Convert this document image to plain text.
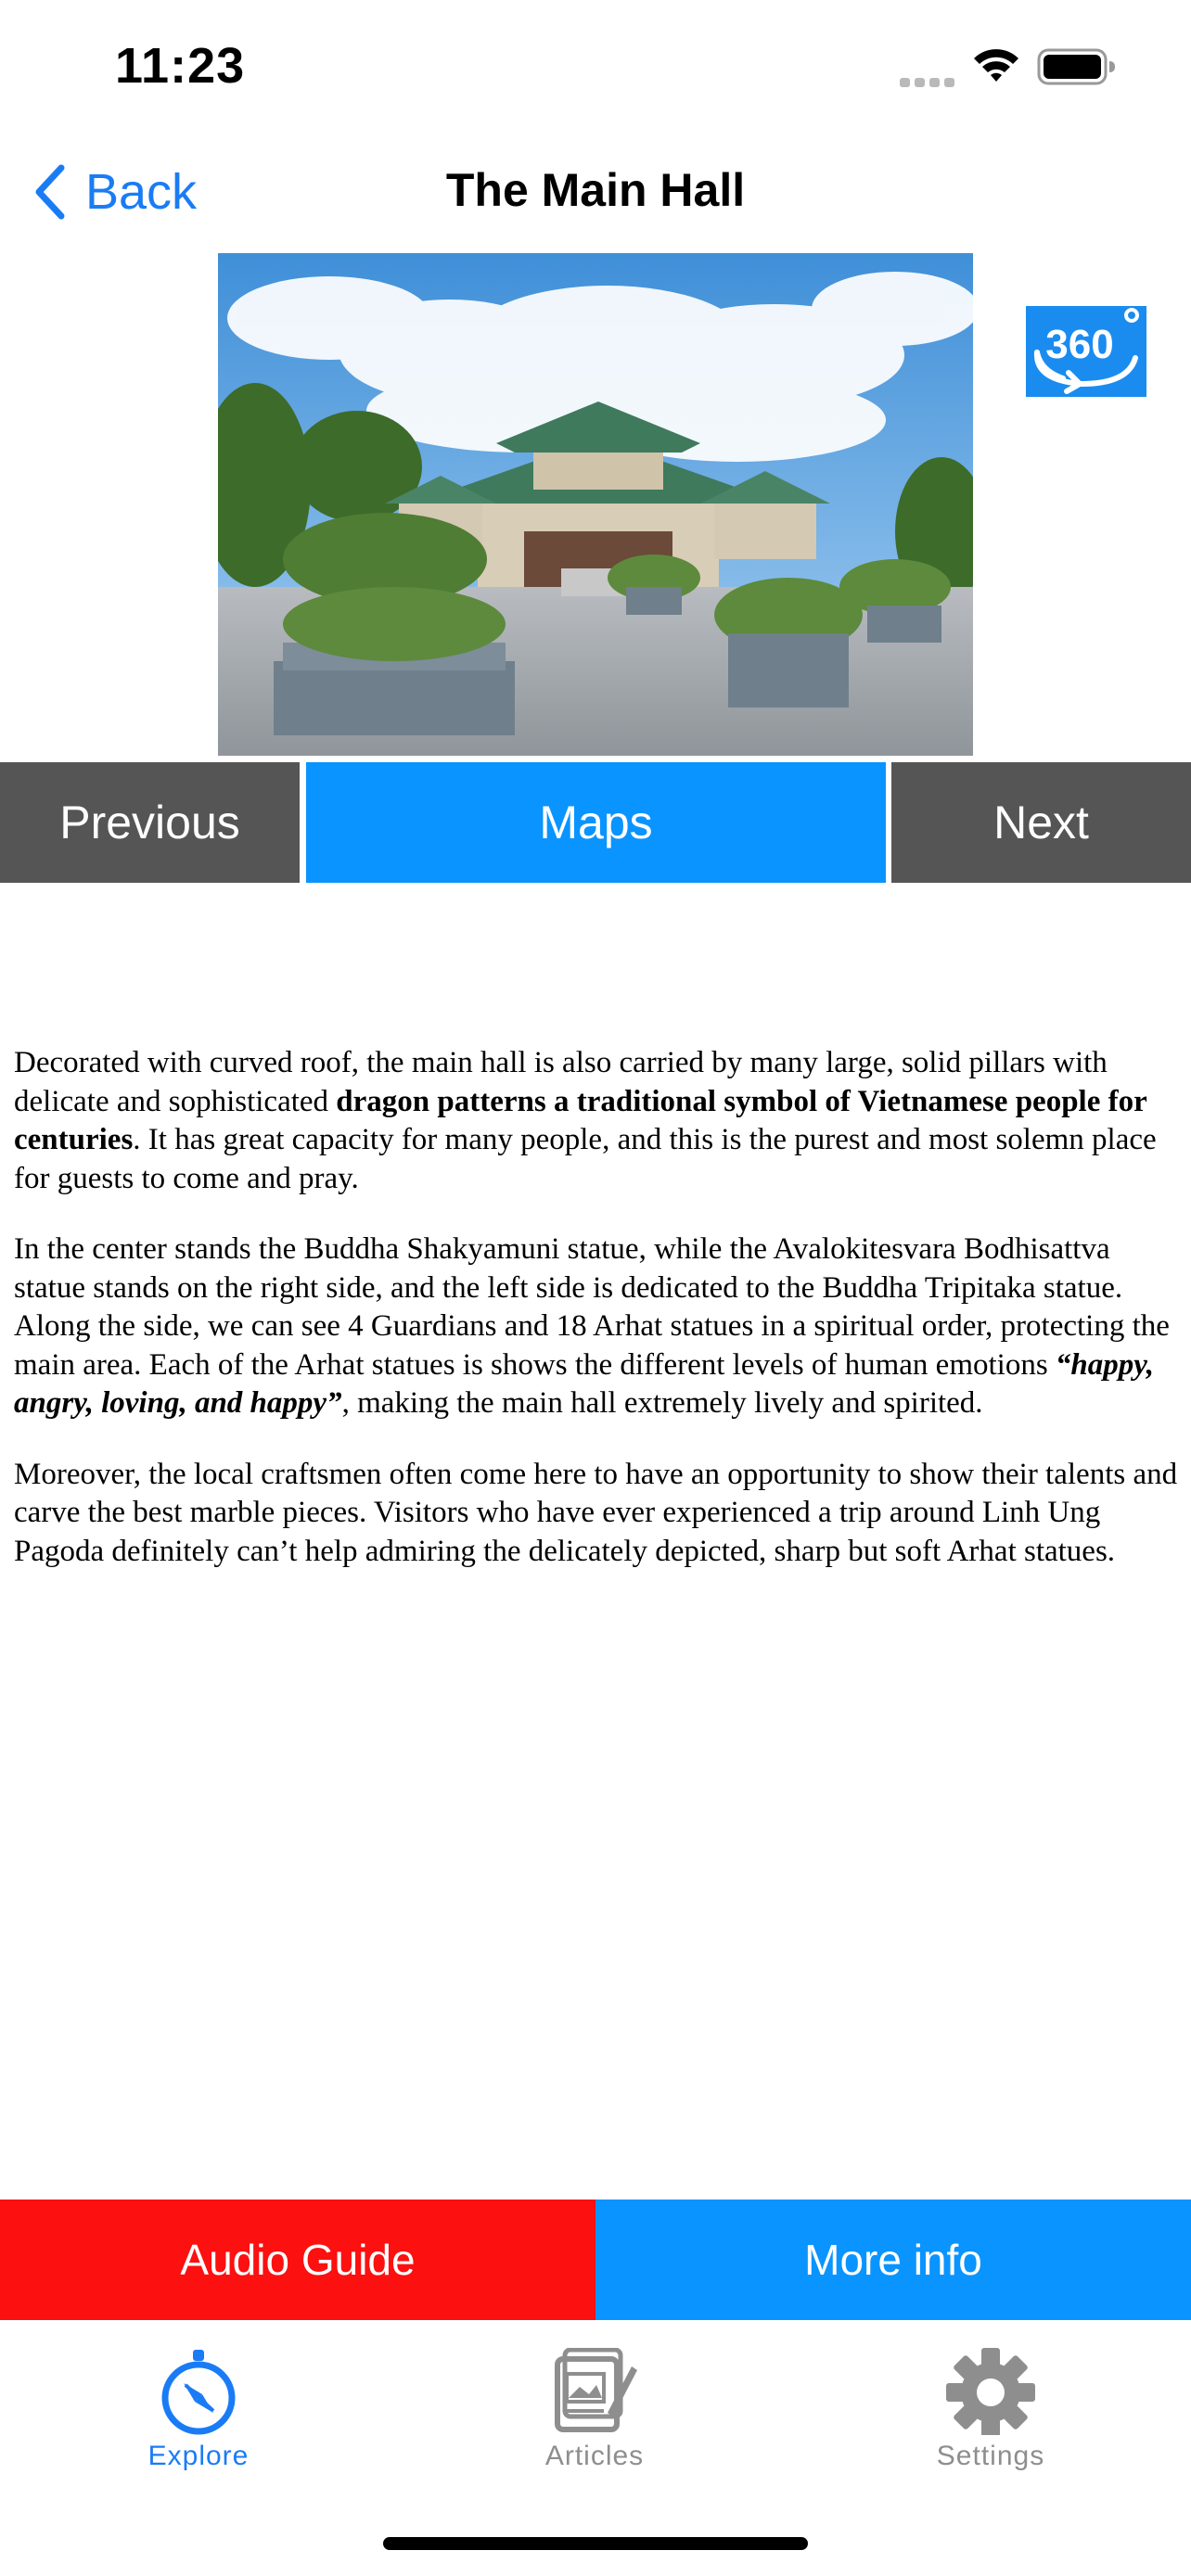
11:23
Back	The Main Hall
360
Previous	Maps	Next

Decorated with curved roof, the main hall is also carried by many large, solid pillars with delicate and sophisticated dragon patterns a traditional symbol of Vietnamese people for centuries. It has great capacity for many people, and this is the purest and most solemn place for guests to come and pray.

In the center stands the Buddha Shakyamuni statue, while the Avalokitesvara Bodhisattva statue stands on the right side, and the left side is dedicated to the Buddha Tripitaka statue. Along the side, we can see 4 Guardians and 18 Arhat statues in a spiritual order, protecting the main area. Each of the Arhat statues is shows the different levels of human emotions “happy, angry, loving, and happy”, making the main hall extremely lively and spirited.

Moreover, the local craftsmen often come here to have an opportunity to show their talents and carve the best marble pieces. Visitors who have ever experienced a trip around Linh Ung Pagoda definitely can’t help admiring the delicately depicted, sharp but soft Arhat statues.

Audio Guide	More info
Explore	Articles	Settings
